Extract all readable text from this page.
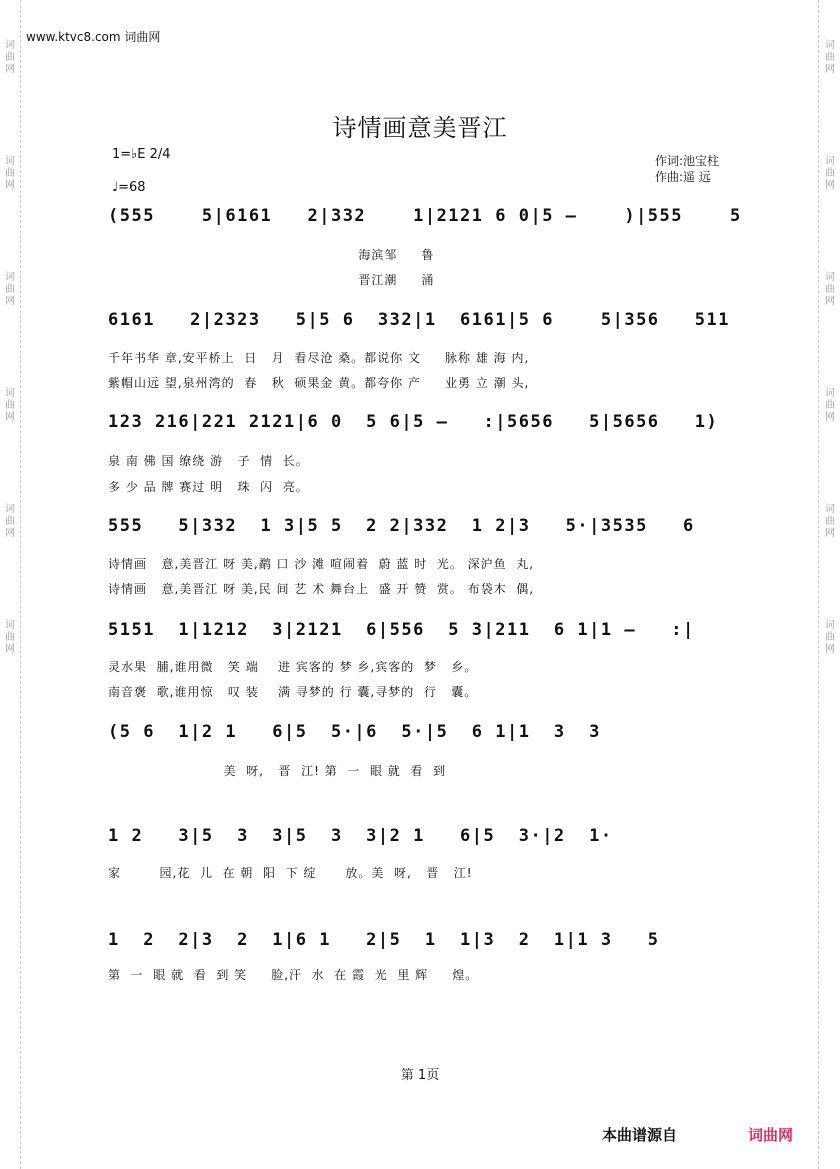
词曲网
词曲网
词曲网
词曲网
词曲网
词曲网
词曲网
词曲网
词曲网
词曲网
词曲网
词曲网
www.ktvc8.com 词曲网
诗情画意美晋江
1=♭E 2/4
♩=68
作词:池宝柱
作曲:遥 远
(555    5|6161   2|332    1|2121 6 0|5 –    )|555    5
海滨邹     鲁
晋江潮     涌
6161   2|2323   5|5 6  332|1  6161|5 6    5|356   511
千年书华 章,安平桥上  日   月  看尽沧 桑。都说你 文     脉称 雄 海 内,
紫帽山远 望,泉州湾的  春   秋  硕果金 黄。都夸你 产     业勇 立 潮 头,
123 216|221 2121|6 0  5 6|5 –   :|5656   5|5656   1)
泉 南 佛 国 缭绕 游   子  情  长。
多 少 品 牌 赛过 明   珠  闪  亮。
555   5|332  1 3|5 5  2 2|332  1 2|3   5·|3535   6
诗情画   意,美晋江 呀 美,鹬 口 沙 滩 喧闹着  蔚 蓝 时  光。 深沪鱼  丸,
诗情画   意,美晋江 呀 美,民 间 艺 术 舞台上  盛 开 赞  赏。 布袋木  偶,
5151  1|1212  3|2121  6|556  5 3|211  6 1|1 –   :|
灵水果  脯,谁用微   笑 端    进 宾客的 梦 乡,宾客的  梦   乡。
南音褒  歌,谁用惊   叹 装    满 寻梦的 行 囊,寻梦的  行   囊。
(5 6  1|2 1   6|5  5·|6  5·|5  6 1|1  3  3
美  呀,   晋  江! 第  一  眼 就  看  到
1 2   3|5  3  3|5  3  3|2 1   6|5  3·|2  1·
家        园,花  儿  在 朝  阳  下 绽      放。美  呀,   晋   江!
1  2  2|3  2  1|6 1   2|5  1  1|3  2  1|1 3   5
第  一  眼 就  看  到 笑     脸,汗  水  在 霞  光  里 辉     煌。
第 1页
本曲谱源自	词曲网
